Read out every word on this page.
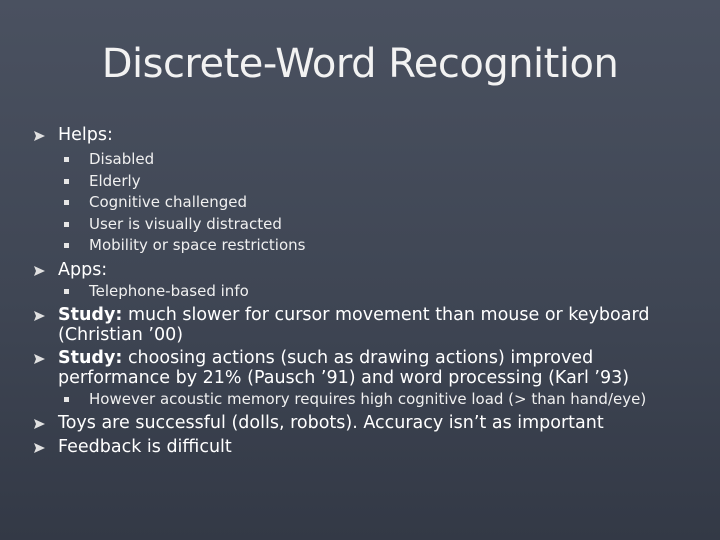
Discrete-Word Recognition
Helps:
Disabled
Elderly
Cognitive challenged
User is visually distracted
Mobility or space restrictions
Apps:
Telephone-based info
Study: much slower for cursor movement than mouse or keyboard
(Christian ’00)
Study: choosing actions (such as drawing actions) improved
performance by 21% (Pausch ’91) and word processing (Karl ’93)
However acoustic memory requires high cognitive load (> than hand/eye)
Toys are successful (dolls, robots). Accuracy isn’t as important
Feedback is difficult
